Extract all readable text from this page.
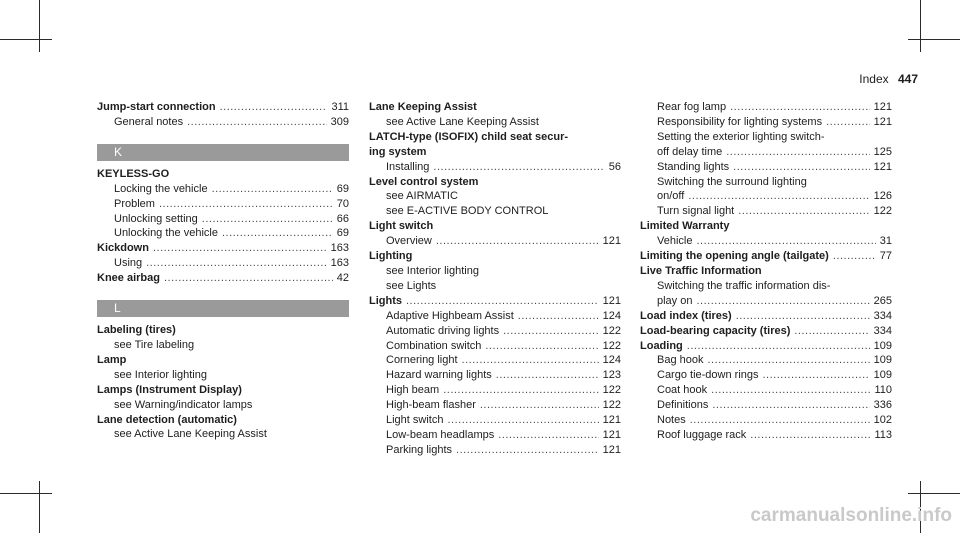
Index 447
Jump-start connection .....	311
General notes .....	309
K
KEYLESS-GO
Locking the vehicle .....	69
Problem .....	70
Unlocking setting .....	66
Unlocking the vehicle .....	69
Kickdown .....	163
Using .....	163
Knee airbag .....	42
L
Labeling (tires)
see Tire labeling
Lamp
see Interior lighting
Lamps (Instrument Display)
see Warning/indicator lamps
Lane detection (automatic)
see Active Lane Keeping Assist
Lane Keeping Assist
see Active Lane Keeping Assist
LATCH-type (ISOFIX) child seat secur-
ing system
Installing .....	56
Level control system
see AIRMATIC
see E-ACTIVE BODY CONTROL
Light switch
Overview .....	121
Lighting
see Interior lighting
see Lights
Lights .....	121
Adaptive Highbeam Assist .....	124
Automatic driving lights .....	122
Combination switch .....	122
Cornering light .....	124
Hazard warning lights .....	123
High beam .....	122
High-beam flasher .....	122
Light switch .....	121
Low-beam headlamps .....	121
Parking lights .....	121
Rear fog lamp .....	121
Responsibility for lighting systems .....	121
Setting the exterior lighting switch-
off delay time .....	125
Standing lights .....	121
Switching the surround lighting
on/off .....	126
Turn signal light .....	122
Limited Warranty
Vehicle .....	31
Limiting the opening angle (tailgate) .....	77
Live Traffic Information
Switching the traffic information dis-
play on .....	265
Load index (tires) .....	334
Load-bearing capacity (tires) .....	334
Loading .....	109
Bag hook .....	109
Cargo tie-down rings .....	109
Coat hook .....	110
Definitions .....	336
Notes .....	102
Roof luggage rack .....	113
carmanualsonline.info
